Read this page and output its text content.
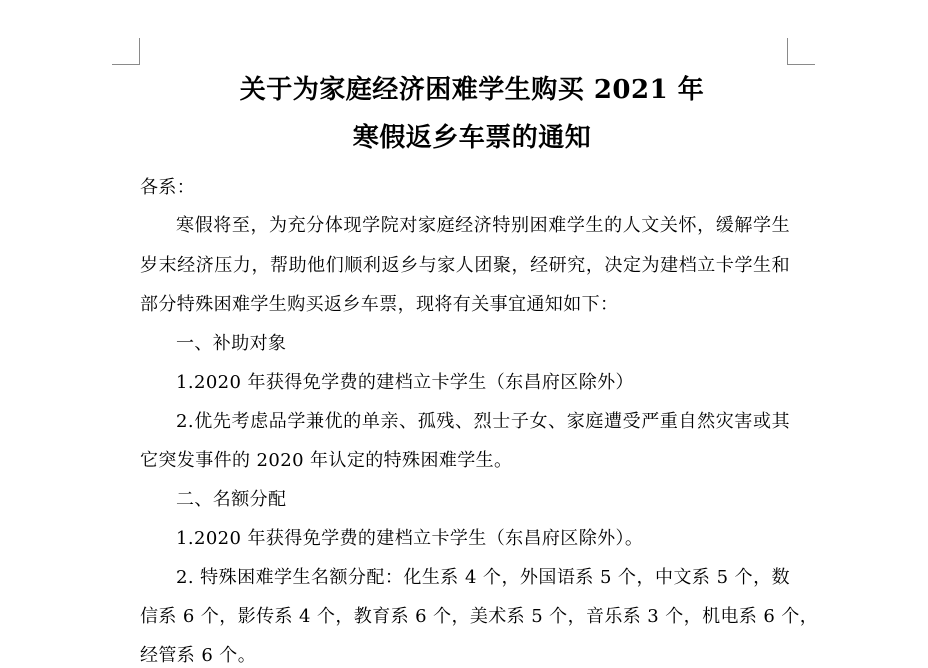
关于为家庭经济困难学生购买 2021 年
寒假返乡车票的通知
各系：
寒假将至，为充分体现学院对家庭经济特别困难学生的人文关怀，缓解学生
岁末经济压力，帮助他们顺利返乡与家人团聚，经研究，决定为建档立卡学生和
部分特殊困难学生购买返乡车票，现将有关事宜通知如下：
一、补助对象
1.2020 年获得免学费的建档立卡学生（东昌府区除外）
2.优先考虑品学兼优的单亲、孤残、烈士子女、家庭遭受严重自然灾害或其
它突发事件的 2020 年认定的特殊困难学生。
二、名额分配
1.2020 年获得免学费的建档立卡学生（东昌府区除外）。
2. 特殊困难学生名额分配：化生系 4 个，外国语系 5 个，中文系 5 个，数
信系 6 个，影传系 4 个，教育系 6 个，美术系 5 个，音乐系 3 个，机电系 6 个，
经管系 6 个。
